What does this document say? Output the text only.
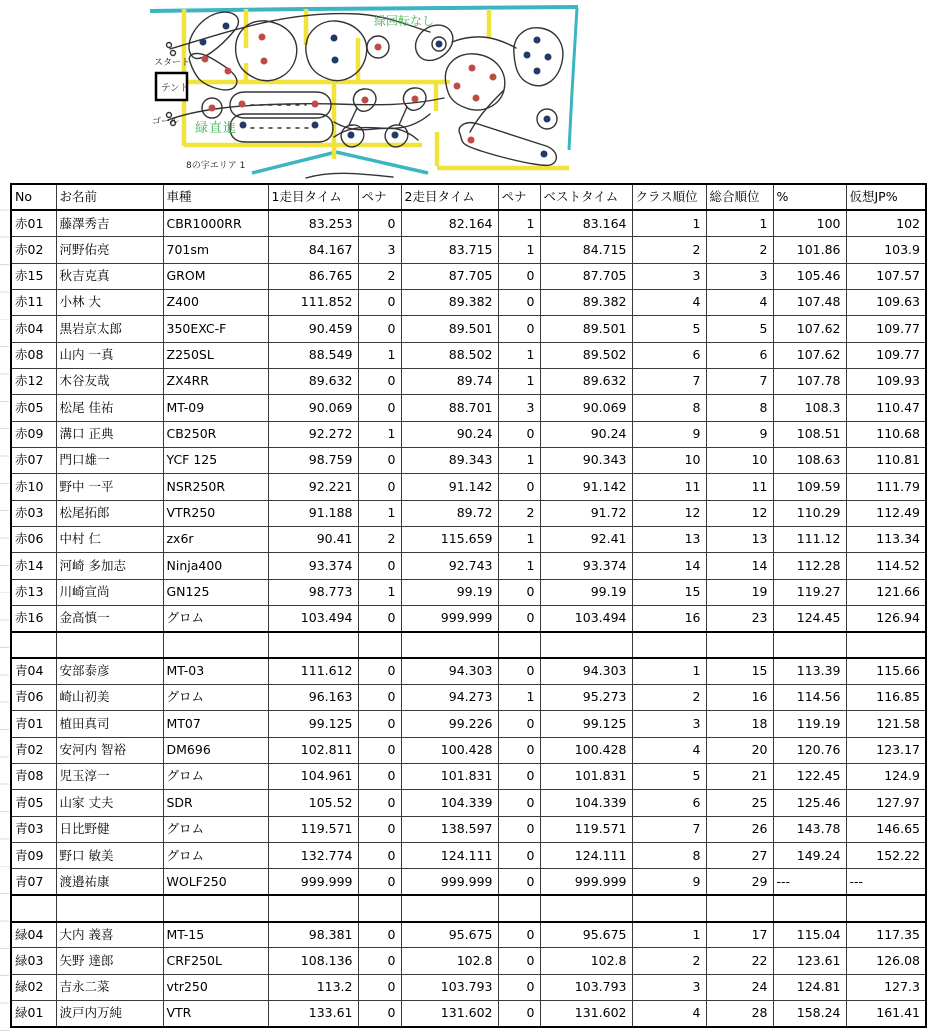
緑回転なし
スタート
テント
ゴール 緑直進
8の字エリア 1
No	お名前	車種	1走目タイム	ペナ	2走目タイム	ペナ	ベストタイム	クラス順位	総合順位	%	仮想JP%
赤01	藤澤秀吉	CBR1000RR	83.253	0	82.164	1	83.164	1	1	100	102
赤02	河野佑亮	701sm	84.167	3	83.715	1	84.715	2	2	101.86	103.9
赤15	秋吉克真	GROM	86.765	2	87.705	0	87.705	3	3	105.46	107.57
赤11	小林 大	Z400	111.852	0	89.382	0	89.382	4	4	107.48	109.63
赤04	黒岩京太郎	350EXC-F	90.459	0	89.501	0	89.501	5	5	107.62	109.77
赤08	山内 一真	Z250SL	88.549	1	88.502	1	89.502	6	6	107.62	109.77
赤12	木谷友哉	ZX4RR	89.632	0	89.74	1	89.632	7	7	107.78	109.93
赤05	松尾 佳祐	MT-09	90.069	0	88.701	3	90.069	8	8	108.3	110.47
赤09	溝口 正典	CB250R	92.272	1	90.24	0	90.24	9	9	108.51	110.68
赤07	門口雄一	YCF 125	98.759	0	89.343	1	90.343	10	10	108.63	110.81
赤10	野中 一平	NSR250R	92.221	0	91.142	0	91.142	11	11	109.59	111.79
赤03	松尾拓郎	VTR250	91.188	1	89.72	2	91.72	12	12	110.29	112.49
赤06	中村 仁	zx6r	90.41	2	115.659	1	92.41	13	13	111.12	113.34
赤14	河崎 多加志	Ninja400	93.374	0	92.743	1	93.374	14	14	112.28	114.52
赤13	川崎宣尚	GN125	98.773	1	99.19	0	99.19	15	19	119.27	121.66
赤16	金高慎一	グロム	103.494	0	999.999	0	103.494	16	23	124.45	126.94

青04	安部泰彦	MT-03	111.612	0	94.303	0	94.303	1	15	113.39	115.66
青06	崎山初美	グロム	96.163	0	94.273	1	95.273	2	16	114.56	116.85
青01	植田真司	MT07	99.125	0	99.226	0	99.125	3	18	119.19	121.58
青02	安河内 智裕	DM696	102.811	0	100.428	0	100.428	4	20	120.76	123.17
青08	児玉淳一	グロム	104.961	0	101.831	0	101.831	5	21	122.45	124.9
青05	山家 丈夫	SDR	105.52	0	104.339	0	104.339	6	25	125.46	127.97
青03	日比野健	グロム	119.571	0	138.597	0	119.571	7	26	143.78	146.65
青09	野口 敏美	グロム	132.774	0	124.111	0	124.111	8	27	149.24	152.22
青07	渡邉祐康	WOLF250	999.999	0	999.999	0	999.999	9	29	---	---

緑04	大内 義喜	MT-15	98.381	0	95.675	0	95.675	1	17	115.04	117.35
緑03	矢野 達郎	CRF250L	108.136	0	102.8	0	102.8	2	22	123.61	126.08
緑02	吉永二菜	vtr250	113.2	0	103.793	0	103.793	3	24	124.81	127.3
緑01	波戸内万純	VTR	133.61	0	131.602	0	131.602	4	28	158.24	161.41
